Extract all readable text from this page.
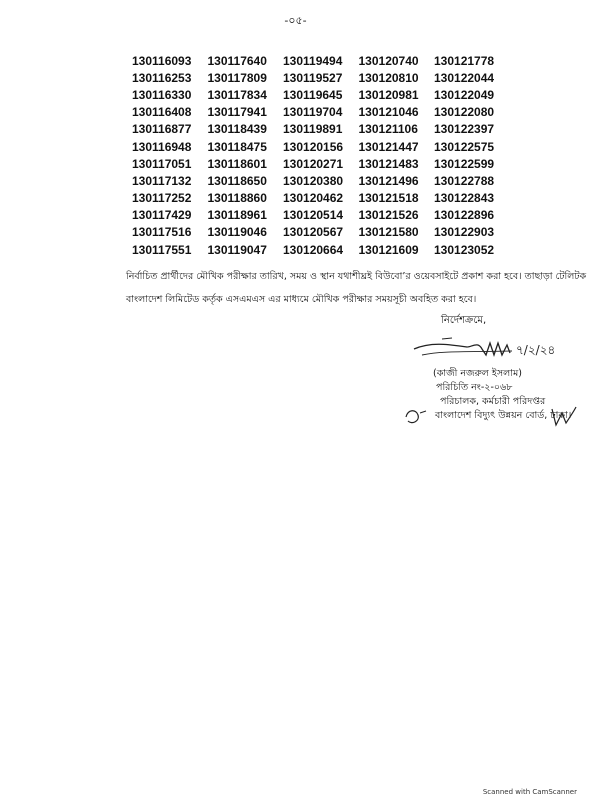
-০৫-
130116093	130117640	130119494	130120740	130121778
130116253	130117809	130119527	130120810	130122044
130116330	130117834	130119645	130120981	130122049
130116408	130117941	130119704	130121046	130122080
130116877	130118439	130119891	130121106	130122397
130116948	130118475	130120156	130121447	130122575
130117051	130118601	130120271	130121483	130122599
130117132	130118650	130120380	130121496	130122788
130117252	130118860	130120462	130121518	130122843
130117429	130118961	130120514	130121526	130122896
130117516	130119046	130120567	130121580	130122903
130117551	130119047	130120664	130121609	130123052

নির্বাচিত প্রার্থীদের মৌখিক পরীক্ষার তারিখ, সময় ও স্থান যথাশীঘ্রই বিউবো’র ওয়েবসাইটে প্রকাশ করা হবে। তাছাড়া টেলিটক

বাংলাদেশ লিমিটেড কর্তৃক এসএমএস এর মাধ্যমে মৌখিক পরীক্ষার সময়সূচী অবহিত করা হবে।

নির্দেশক্রমে,
৭/২/২৪
(কাজী নজরুল ইসলাম)
পরিচিতি নং-২-০৬৮
পরিচালক, কর্মচারী পরিদপ্তর
বাংলাদেশ বিদ্যুৎ উন্নয়ন বোর্ড, ঢাকা।
Scanned with CamScanner
